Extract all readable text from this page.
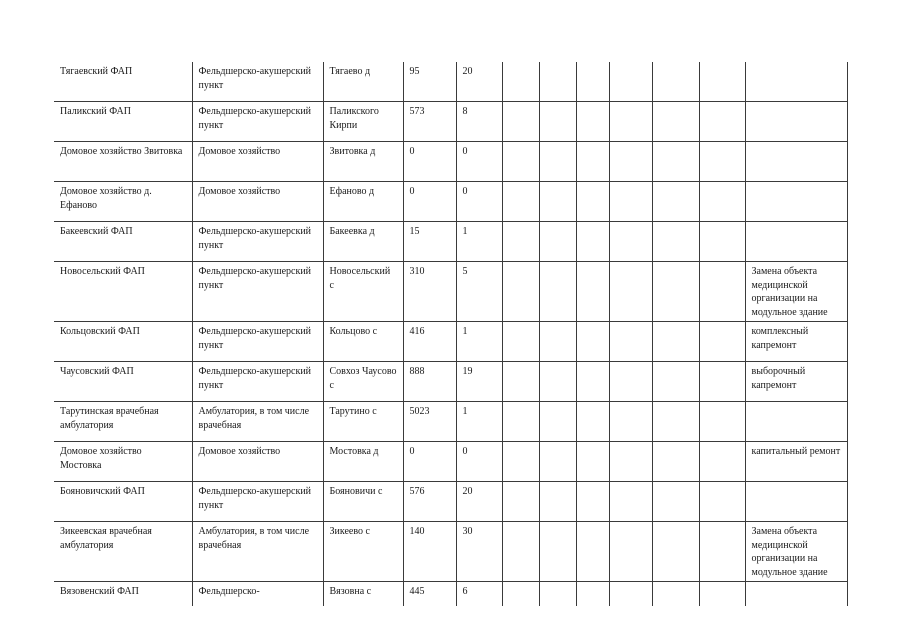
Тягаевский ФАП	Фельдшерско-акушерский пункт	Тягаево д	95	20							

Паликский ФАП	Фельдшерско-акушерский пункт	Паликского Кирпи	573	8							

Домовое хозяйство Звитовка	Домовое хозяйство	Звитовка д	0	0							

Домовое хозяйство д. Ефаново	Домовое хозяйство	Ефаново д	0	0							

Бакеевский ФАП	Фельдшерско-акушерский пункт	Бакеевка д	15	1							

Новосельский ФАП	Фельдшерско-акушерский пункт	Новосельский с	310	5							Замена объекта медицинской организации на модульное здание

Кольцовский ФАП	Фельдшерско-акушерский пункт	Кольцово с	416	1							комплексный капремонт

Чаусовский ФАП	Фельдшерско-акушерский пункт	Совхоз Чаусово с	888	19							выборочный капремонт

Тарутинская врачебная амбулатория	Амбулатория, в том числе врачебная	Тарутино с	5023	1							

Домовое хозяйство Мостовка	Домовое хозяйство	Мостовка д	0	0							капитальный ремонт

Бояновичский ФАП	Фельдшерско-акушерский пункт	Бояновичи с	576	20							

Зикеевская врачебная амбулатория	Амбулатория, в том числе врачебная	Зикеево с	140	30							Замена объекта медицинской организации на модульное здание

Вязовенский ФАП	Фельдшерско-	Вязовна с	445	6							
